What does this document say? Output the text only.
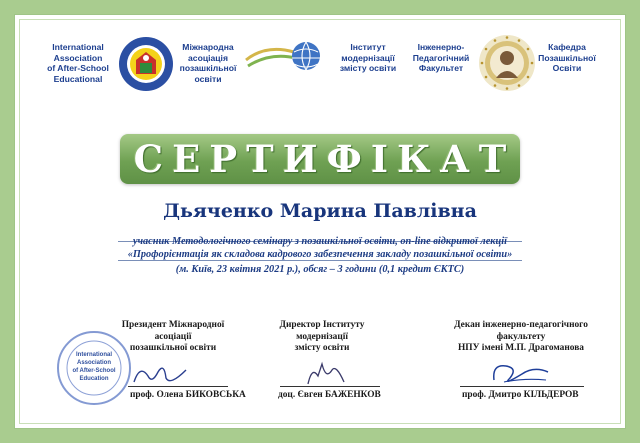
International
Association
of After-School
Educational
Міжнародна
асоціація
позашкільної
освіти
Інститут
модернізації
змісту освіти
Інженерно-
Педагогічний
Факультет
Кафедра
Позашкільної
Освіти
СЕРТИФІКАТ
Дьяченко Марина Павлівна
учасник Методологічного семінару з позашкільної освіти, on-line відкритої лекції
«Профорієнтація як складова кадрового забезпечення закладу позашкільної освіти»
(м. Київ, 23 квітня 2021 р.), обсяг – 3 години (0,1 кредит ЄКТС)
International
Association
of After-School
Education
Президент Міжнародної
асоціації
позашкільної освіти
проф. Олена БИКОВСЬКА
Директор Інституту
модернізації
змісту освіти
доц. Євген БАЖЕНКОВ
Декан інженерно-педагогічного
факультету
НПУ імені М.П. Драгоманова
проф. Дмитро КІЛЬДЕРОВ
